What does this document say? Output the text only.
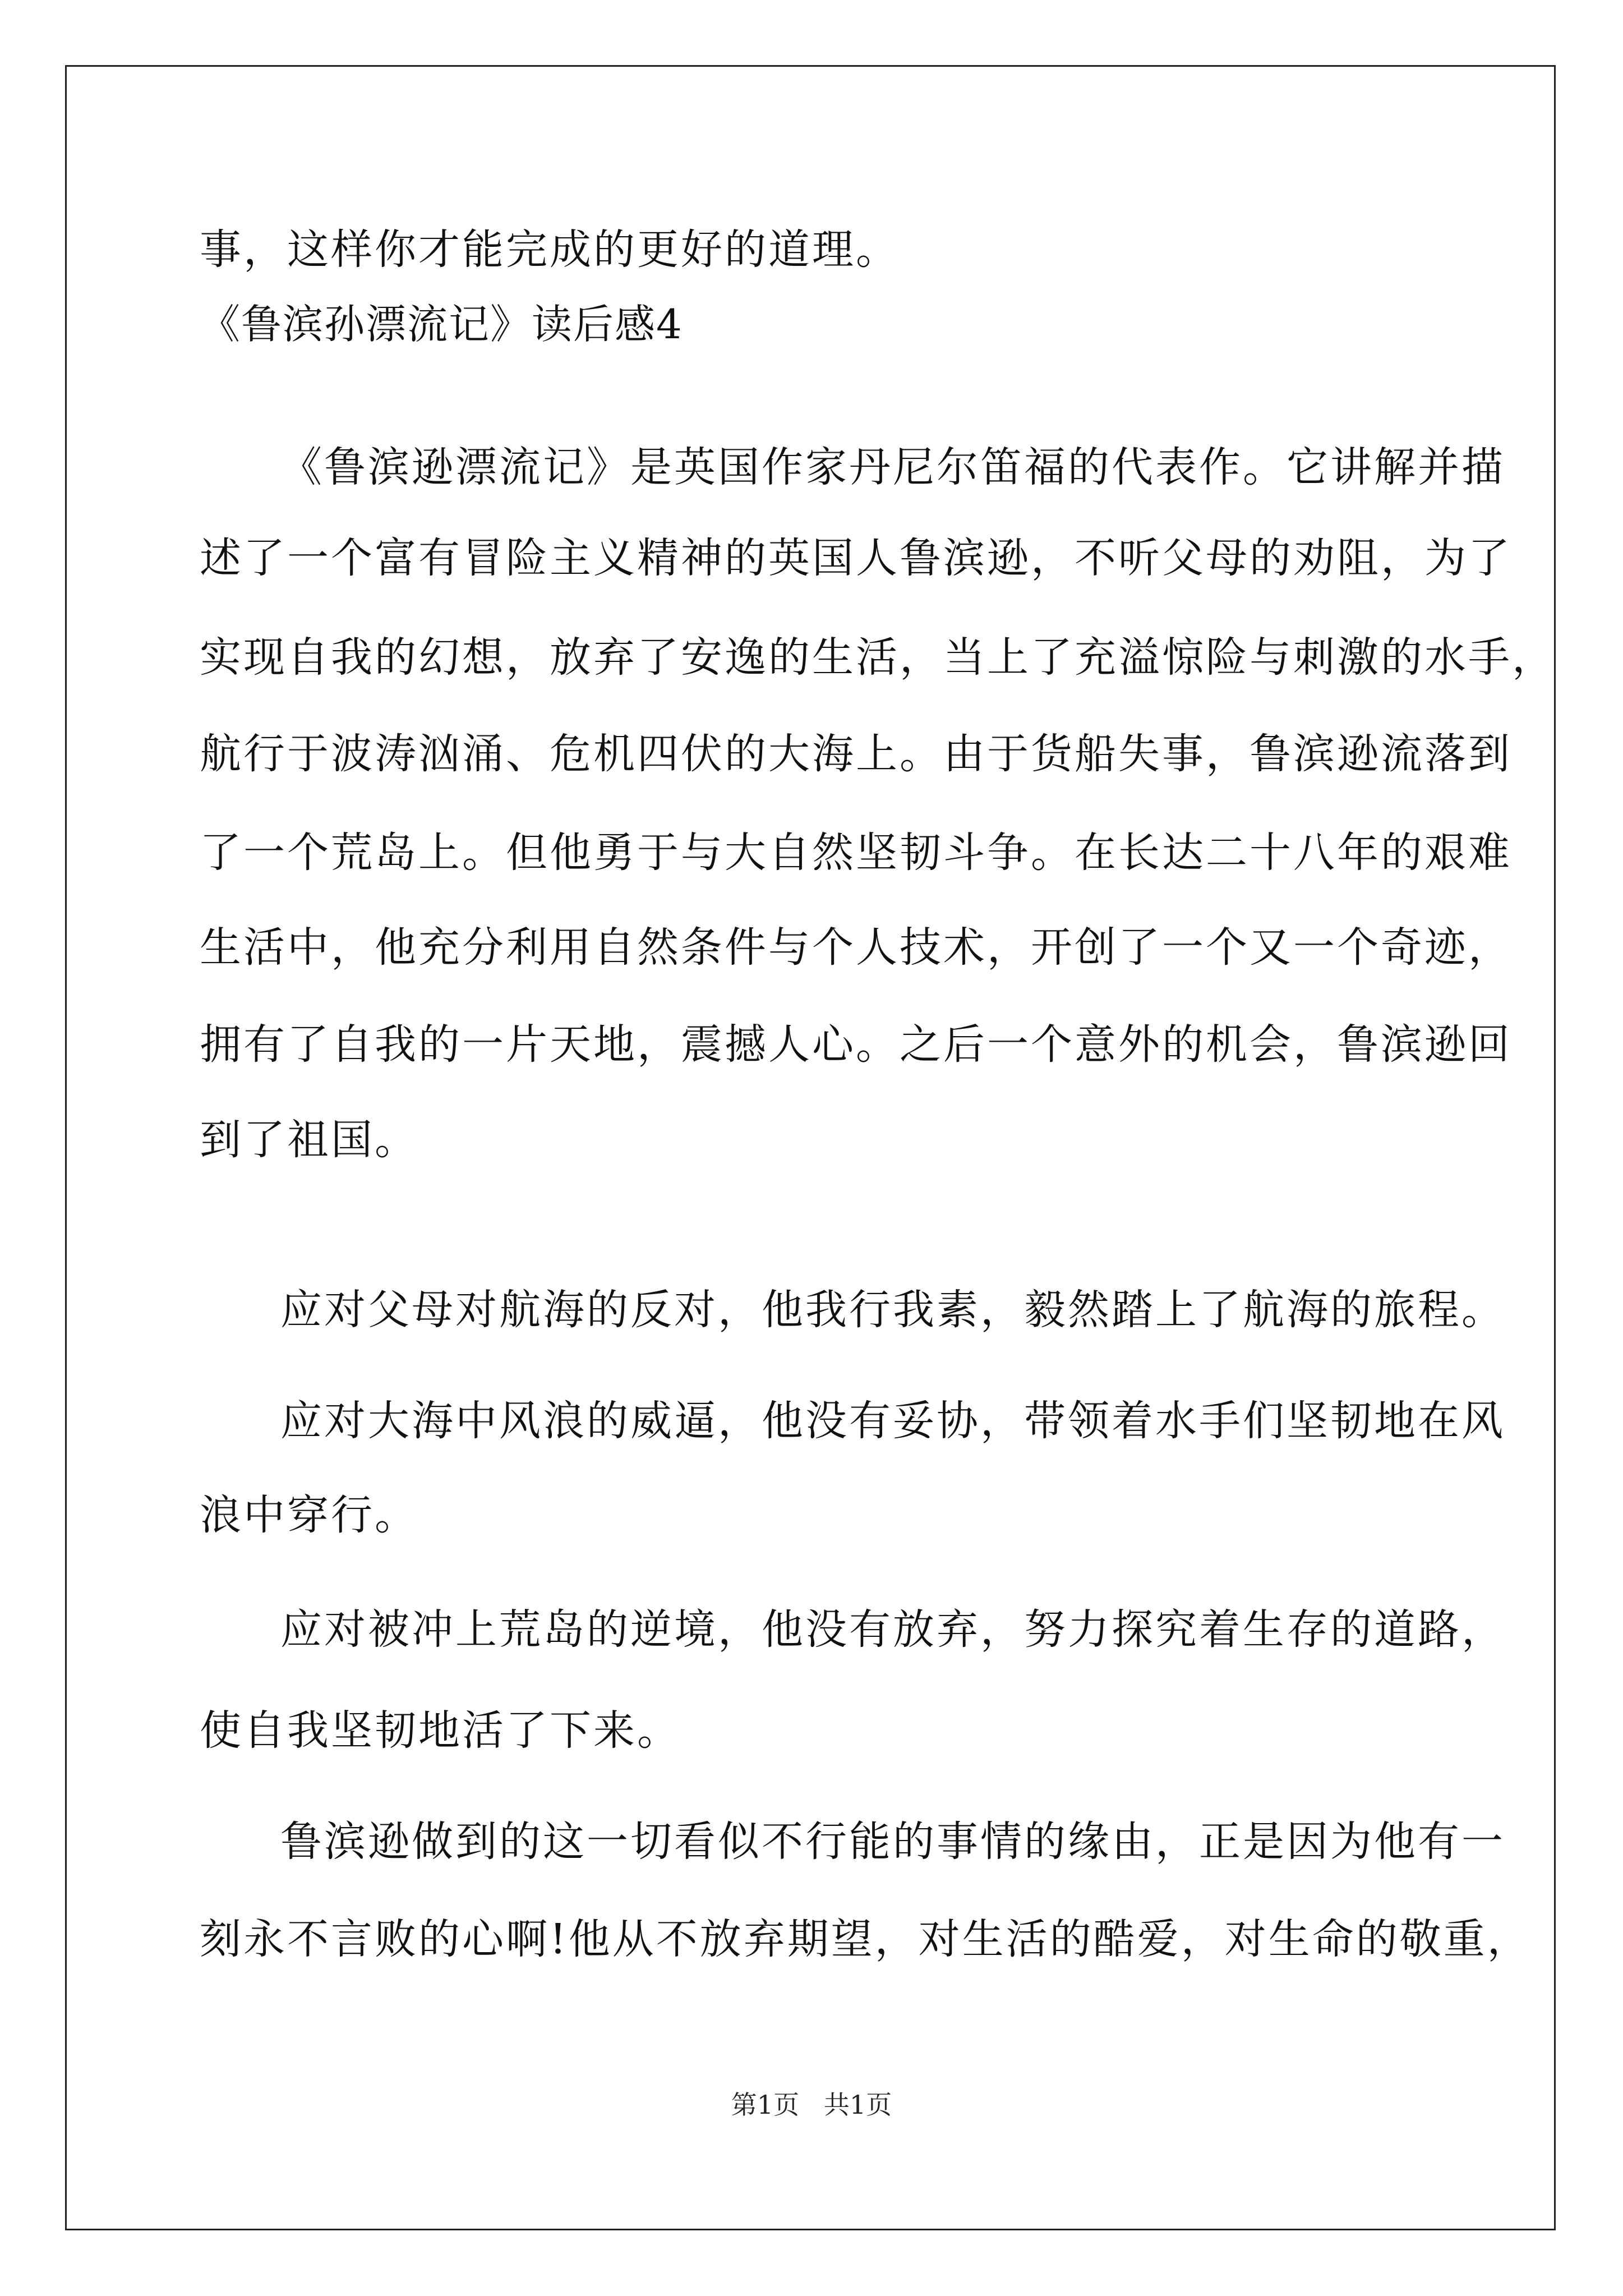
事，这样你才能完成的更好的道理。
《鲁滨孙漂流记》读后感4
《鲁滨逊漂流记》是英国作家丹尼尔笛福的代表作。它讲解并描
述了一个富有冒险主义精神的英国人鲁滨逊，不听父母的劝阻，为了
实现自我的幻想，放弃了安逸的生活，当上了充溢惊险与刺激的水手，
航行于波涛汹涌、危机四伏的大海上。由于货船失事，鲁滨逊流落到
了一个荒岛上。但他勇于与大自然坚韧斗争。在长达二十八年的艰难
生活中，他充分利用自然条件与个人技术，开创了一个又一个奇迹，
拥有了自我的一片天地，震撼人心。之后一个意外的机会，鲁滨逊回
到了祖国。
应对父母对航海的反对，他我行我素，毅然踏上了航海的旅程。
应对大海中风浪的威逼，他没有妥协，带领着水手们坚韧地在风
浪中穿行。
应对被冲上荒岛的逆境，他没有放弃，努力探究着生存的道路，
使自我坚韧地活了下来。
鲁滨逊做到的这一切看似不行能的事情的缘由，正是因为他有一
刻永不言败的心啊!他从不放弃期望，对生活的酷爱，对生命的敬重，
第1页   共1页
